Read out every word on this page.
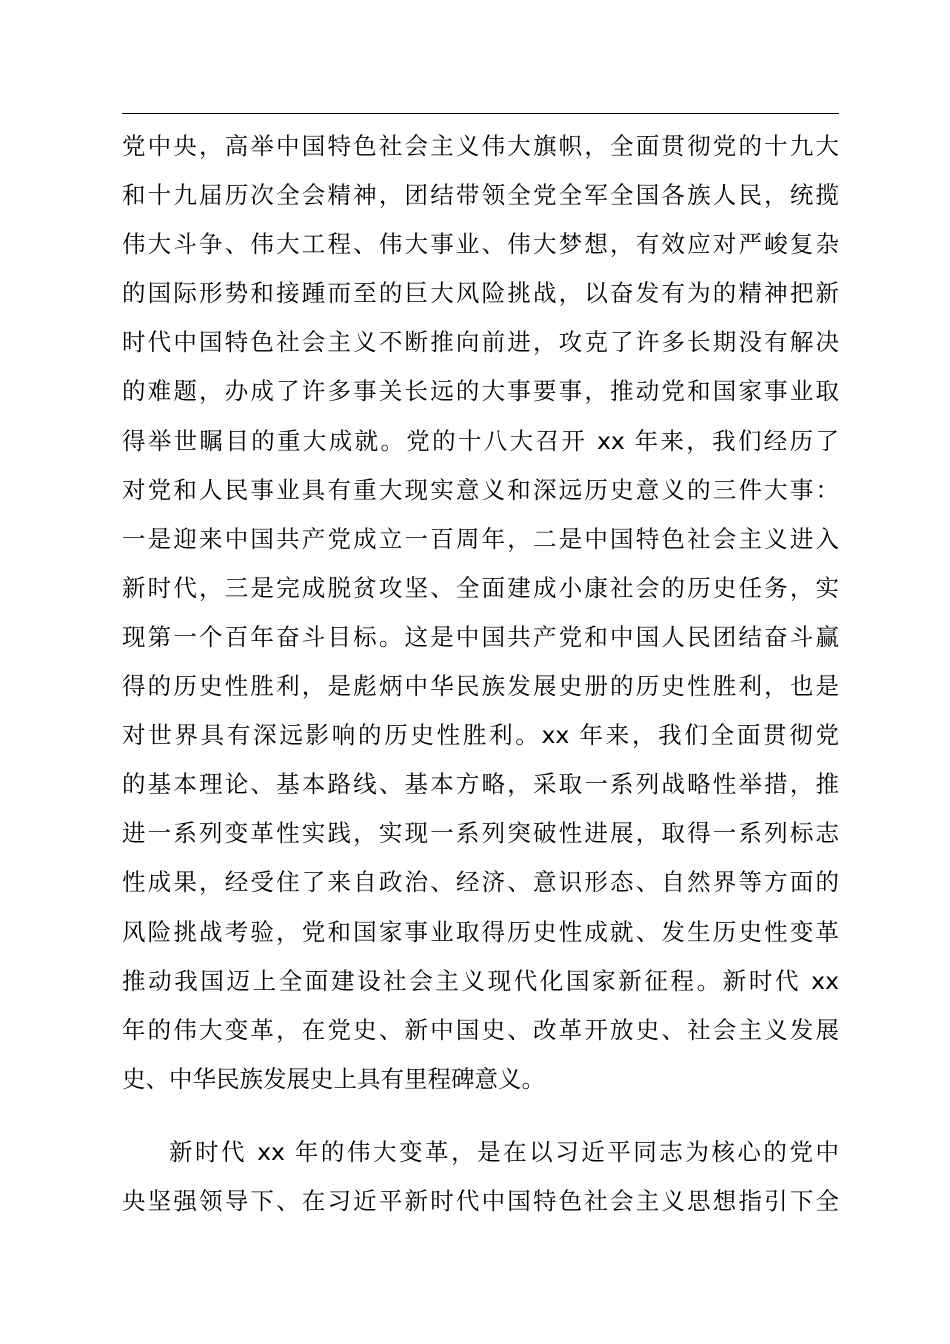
党中央，高举中国特色社会主义伟大旗帜，全面贯彻党的十九大
和十九届历次全会精神，团结带领全党全军全国各族人民，统揽
伟大斗争、伟大工程、伟大事业、伟大梦想，有效应对严峻复杂
的国际形势和接踵而至的巨大风险挑战，以奋发有为的精神把新
时代中国特色社会主义不断推向前进，攻克了许多长期没有解决
的难题，办成了许多事关长远的大事要事，推动党和国家事业取
得举世瞩目的重大成就。党的十八大召开 xx 年来，我们经历了
对党和人民事业具有重大现实意义和深远历史意义的三件大事：
一是迎来中国共产党成立一百周年，二是中国特色社会主义进入
新时代，三是完成脱贫攻坚、全面建成小康社会的历史任务，实
现第一个百年奋斗目标。这是中国共产党和中国人民团结奋斗赢
得的历史性胜利，是彪炳中华民族发展史册的历史性胜利，也是
对世界具有深远影响的历史性胜利。xx 年来，我们全面贯彻党
的基本理论、基本路线、基本方略，采取一系列战略性举措，推
进一系列变革性实践，实现一系列突破性进展，取得一系列标志
性成果，经受住了来自政治、经济、意识形态、自然界等方面的
风险挑战考验，党和国家事业取得历史性成就、发生历史性变革
推动我国迈上全面建设社会主义现代化国家新征程。新时代 xx
年的伟大变革，在党史、新中国史、改革开放史、社会主义发展
史、中华民族发展史上具有里程碑意义。
新时代 xx 年的伟大变革，是在以习近平同志为核心的党中
央坚强领导下、在习近平新时代中国特色社会主义思想指引下全
